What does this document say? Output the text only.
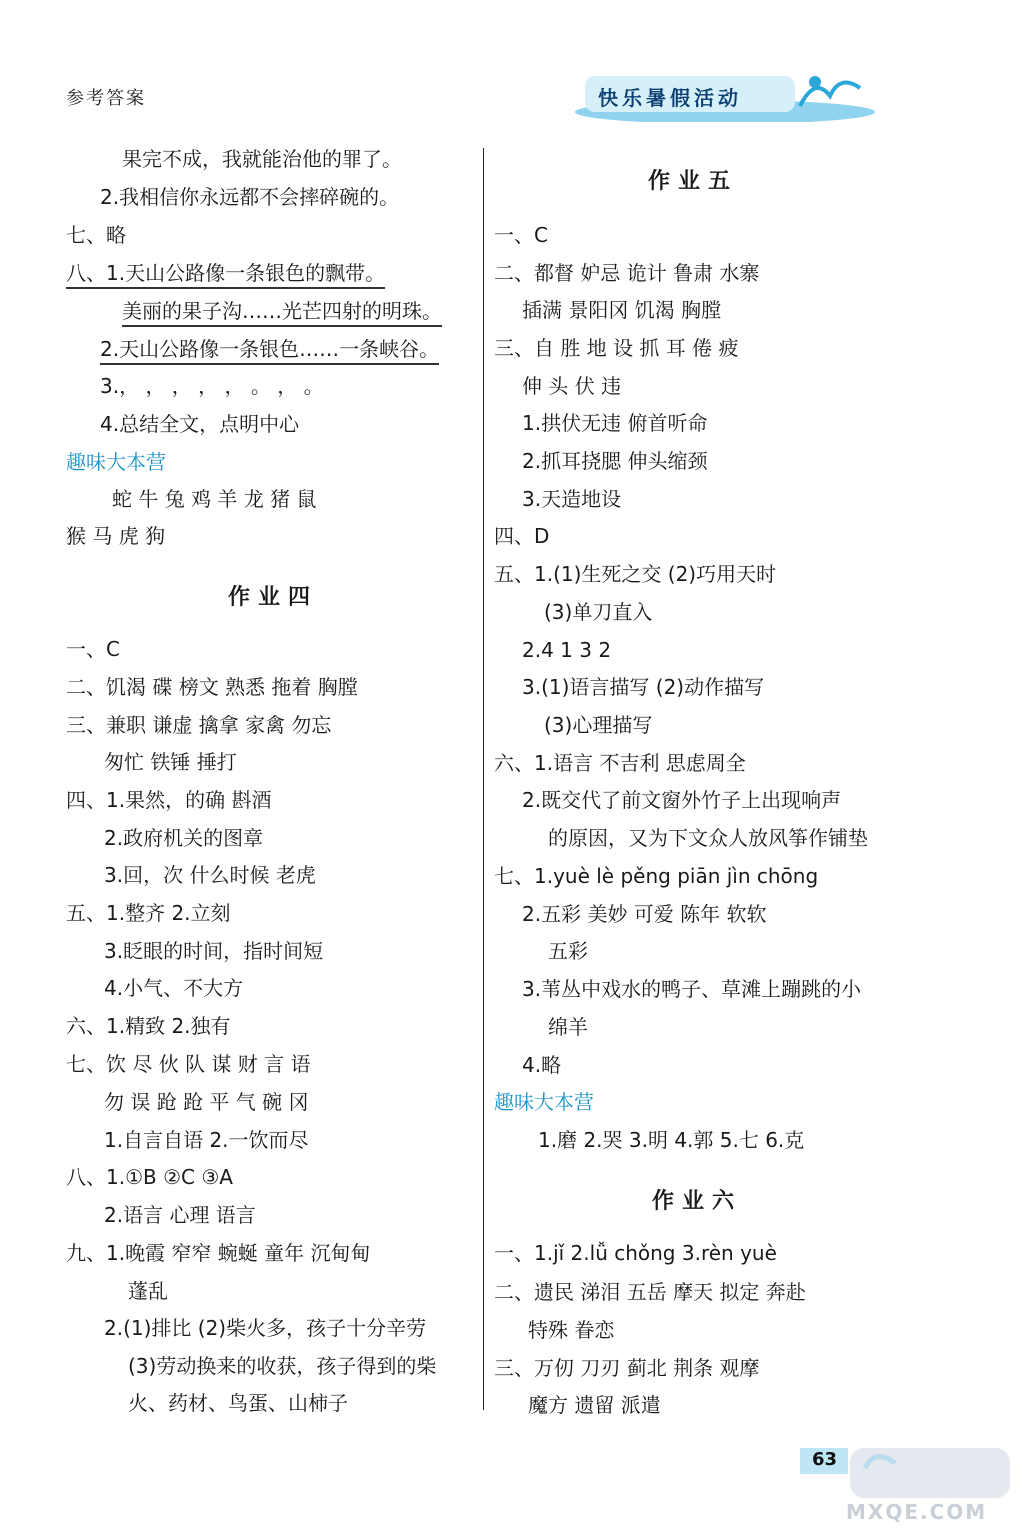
参考答案	快乐暑假活动
果完不成，我就能治他的罪了。
2.我相信你永远都不会摔碎碗的。
七、略
八、1.天山公路像一条银色的飘带。
美丽的果子沟……光芒四射的明珠。
2.天山公路像一条银色……一条峡谷。
3.， ， ， ， ， 。 ， 。
4.总结全文，点明中心
趣味大本营
蛇 牛 兔 鸡 羊 龙 猪 鼠
猴 马 虎 狗
作业四
一、C
二、饥渴 碟 榜文 熟悉 拖着 胸膛
三、兼职 谦虚 擒拿 家禽 勿忘
匆忙 铁锤 捶打
四、1.果然，的确 斟酒
2.政府机关的图章
3.回，次 什么时候 老虎
五、1.整齐 2.立刻
3.眨眼的时间，指时间短
4.小气、不大方
六、1.精致 2.独有
七、饮 尽 伙 队 谋 财 言 语
勿 误 跄 跄 平 气 碗 冈
1.自言自语 2.一饮而尽
八、1.①B ②C ③A
2.语言 心理 语言
九、1.晚霞 窄窄 蜿蜒 童年 沉甸甸
蓬乱
2.(1)排比 (2)柴火多，孩子十分辛劳
(3)劳动换来的收获，孩子得到的柴
火、药材、鸟蛋、山柿子
作业五
一、C
二、都督 妒忌 诡计 鲁肃 水寨
插满 景阳冈 饥渴 胸膛
三、自 胜 地 设 抓 耳 倦 疲
伸 头 伏 违
1.拱伏无违 俯首听命
2.抓耳挠腮 伸头缩颈
3.天造地设
四、D
五、1.(1)生死之交 (2)巧用天时
(3)单刀直入
2.4 1 3 2
3.(1)语言描写 (2)动作描写
(3)心理描写
六、1.语言 不吉利 思虑周全
2.既交代了前文窗外竹子上出现响声
的原因，又为下文众人放风筝作铺垫
七、1.yuè lè pěng piān jìn chōng
2.五彩 美妙 可爱 陈年 软软
五彩
3.苇丛中戏水的鸭子、草滩上蹦跳的小
绵羊
4.略
趣味大本营
1.磨 2.哭 3.明 4.郭 5.七 6.克
作业六
一、1.jǐ 2.lǚ chǒng 3.rèn yuè
二、遗民 涕泪 五岳 摩天 拟定 奔赴
特殊 眷恋
三、万仞 刀刃 蓟北 荆条 观摩
魔方 遗留 派遣
63
MXQE.COM
